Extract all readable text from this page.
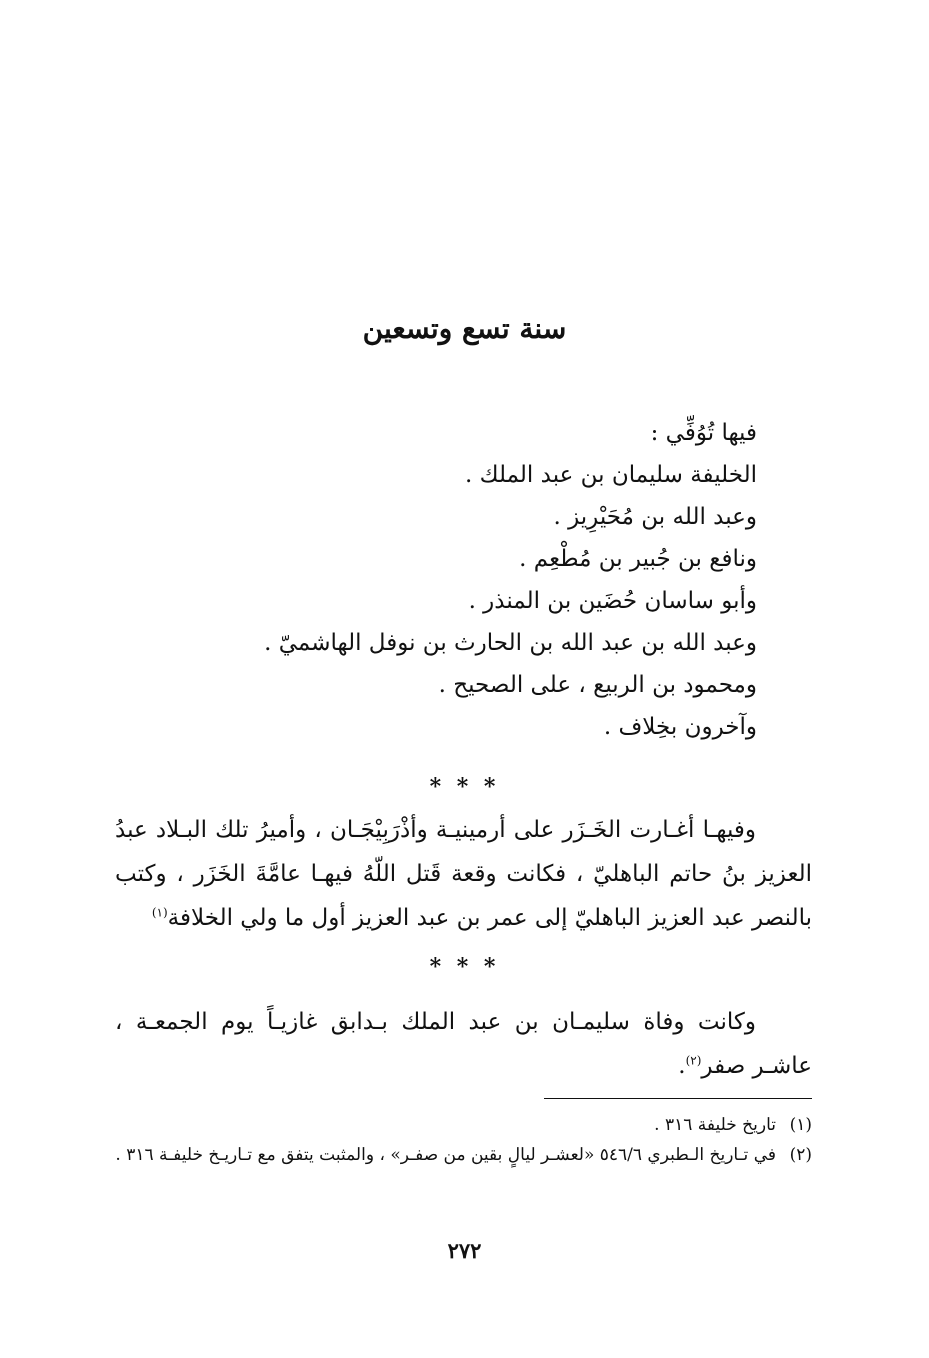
سنة تسع وتسعين

فيها تُوُفِّي :

الخليفة سليمان بن عبد الملك .

وعبد الله بن مُحَيْرِيز .

ونافع بن جُبير بن مُطْعِم .

وأبو ساسان حُضَين بن المنذر .

وعبد الله بن عبد الله بن الحارث بن نوفل الهاشميّ .

ومحمود بن الربيع ، على الصحيح .

وآخرون بخِلاف .

* * *
وفيهـا أغـارت الخَـزَر على أرمينيـة وأذْرَبِيْجَـان ، وأميرُ تلك البـلاد عبدُ العزيز بنُ حاتم الباهليّ ، فكانت وقعة قَتل اللّهُ فيهـا عامَّةَ الخَزَر ، وكتب بالنصر عبد العزيز الباهليّ إلى عمر بن عبد العزيز أول ما ولي الخلافة$^{(١)}$
* * *
وكانت وفاة سليمـان بن عبد الملك بـدابق غازيـاً يوم الجمعـة ، عاشـر صفر$^{(٢)}$.

(١)
تاريخ خليفة ٣١٦ .

(٢)
في تـاريخ الـطبري ٥٤٦/٦ «لعشـر ليالٍ بقين من صفـر» ، والمثبت يتفق مع تـاريـخ خليفـة ٣١٦ .

٢٧٢
